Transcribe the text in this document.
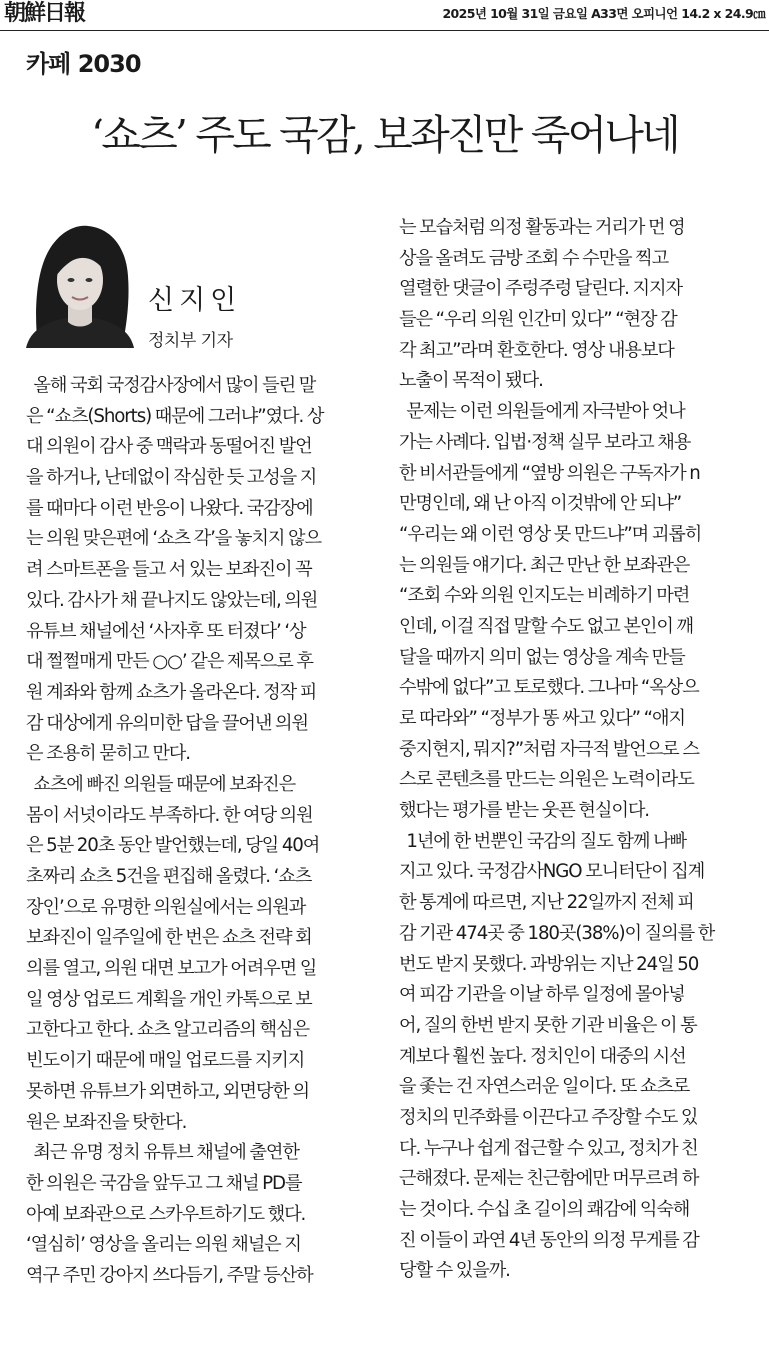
朝鮮日報	2025년 10월 31일 금요일 A33면 오피니언 14.2 x 24.9㎝
카페 2030
‘쇼츠’ 주도 국감, 보좌진만 죽어나네
신지인
정치부 기자
올해 국회 국정감사장에서 많이 들린 말
은 “쇼츠(Shorts) 때문에 그러냐”였다. 상
대 의원이 감사 중 맥락과 동떨어진 발언
을 하거나, 난데없이 작심한 듯 고성을 지
를 때마다 이런 반응이 나왔다. 국감장에
는 의원 맞은편에 ‘쇼츠 각’을 놓치지 않으
려 스마트폰을 들고 서 있는 보좌진이 꼭
있다. 감사가 채 끝나지도 않았는데, 의원
유튜브 채널에선 ‘사자후 또 터졌다’ ‘상
대 쩔쩔매게 만든 ○○’ 같은 제목으로 후
원 계좌와 함께 쇼츠가 올라온다. 정작 피
감 대상에게 유의미한 답을 끌어낸 의원
은 조용히 묻히고 만다.
쇼츠에 빠진 의원들 때문에 보좌진은
몸이 서넛이라도 부족하다. 한 여당 의원
은 5분 20초 동안 발언했는데, 당일 40여
초짜리 쇼츠 5건을 편집해 올렸다. ‘쇼츠
장인’으로 유명한 의원실에서는 의원과
보좌진이 일주일에 한 번은 쇼츠 전략 회
의를 열고, 의원 대면 보고가 어려우면 일
일 영상 업로드 계획을 개인 카톡으로 보
고한다고 한다. 쇼츠 알고리즘의 핵심은
빈도이기 때문에 매일 업로드를 지키지
못하면 유튜브가 외면하고, 외면당한 의
원은 보좌진을 탓한다.
최근 유명 정치 유튜브 채널에 출연한
한 의원은 국감을 앞두고 그 채널 PD를
아예 보좌관으로 스카우트하기도 했다.
‘열심히’ 영상을 올리는 의원 채널은 지
역구 주민 강아지 쓰다듬기, 주말 등산하
는 모습처럼 의정 활동과는 거리가 먼 영
상을 올려도 금방 조회 수 수만을 찍고
열렬한 댓글이 주렁주렁 달린다. 지지자
들은 “우리 의원 인간미 있다” “현장 감
각 최고”라며 환호한다. 영상 내용보다
노출이 목적이 됐다.
문제는 이런 의원들에게 자극받아 엇나
가는 사례다. 입법·정책 실무 보라고 채용
한 비서관들에게 “옆방 의원은 구독자가 n
만명인데, 왜 난 아직 이것밖에 안 되냐”
“우리는 왜 이런 영상 못 만드냐”며 괴롭히
는 의원들 얘기다. 최근 만난 한 보좌관은
“조회 수와 의원 인지도는 비례하기 마련
인데, 이걸 직접 말할 수도 없고 본인이 깨
달을 때까지 의미 없는 영상을 계속 만들
수밖에 없다”고 토로했다. 그나마 “옥상으
로 따라와” “정부가 똥 싸고 있다” “애지
중지현지, 뭐지?”처럼 자극적 발언으로 스
스로 콘텐츠를 만드는 의원은 노력이라도
했다는 평가를 받는 웃픈 현실이다.
1년에 한 번뿐인 국감의 질도 함께 나빠
지고 있다. 국정감사NGO 모니터단이 집계
한 통계에 따르면, 지난 22일까지 전체 피
감 기관 474곳 중 180곳(38%)이 질의를 한
번도 받지 못했다. 과방위는 지난 24일 50
여 피감 기관을 이날 하루 일정에 몰아넣
어, 질의 한번 받지 못한 기관 비율은 이 통
계보다 훨씬 높다. 정치인이 대중의 시선
을 좇는 건 자연스러운 일이다. 또 쇼츠로
정치의 민주화를 이끈다고 주장할 수도 있
다. 누구나 쉽게 접근할 수 있고, 정치가 친
근해졌다. 문제는 친근함에만 머무르려 하
는 것이다. 수십 초 길이의 쾌감에 익숙해
진 이들이 과연 4년 동안의 의정 무게를 감
당할 수 있을까.
